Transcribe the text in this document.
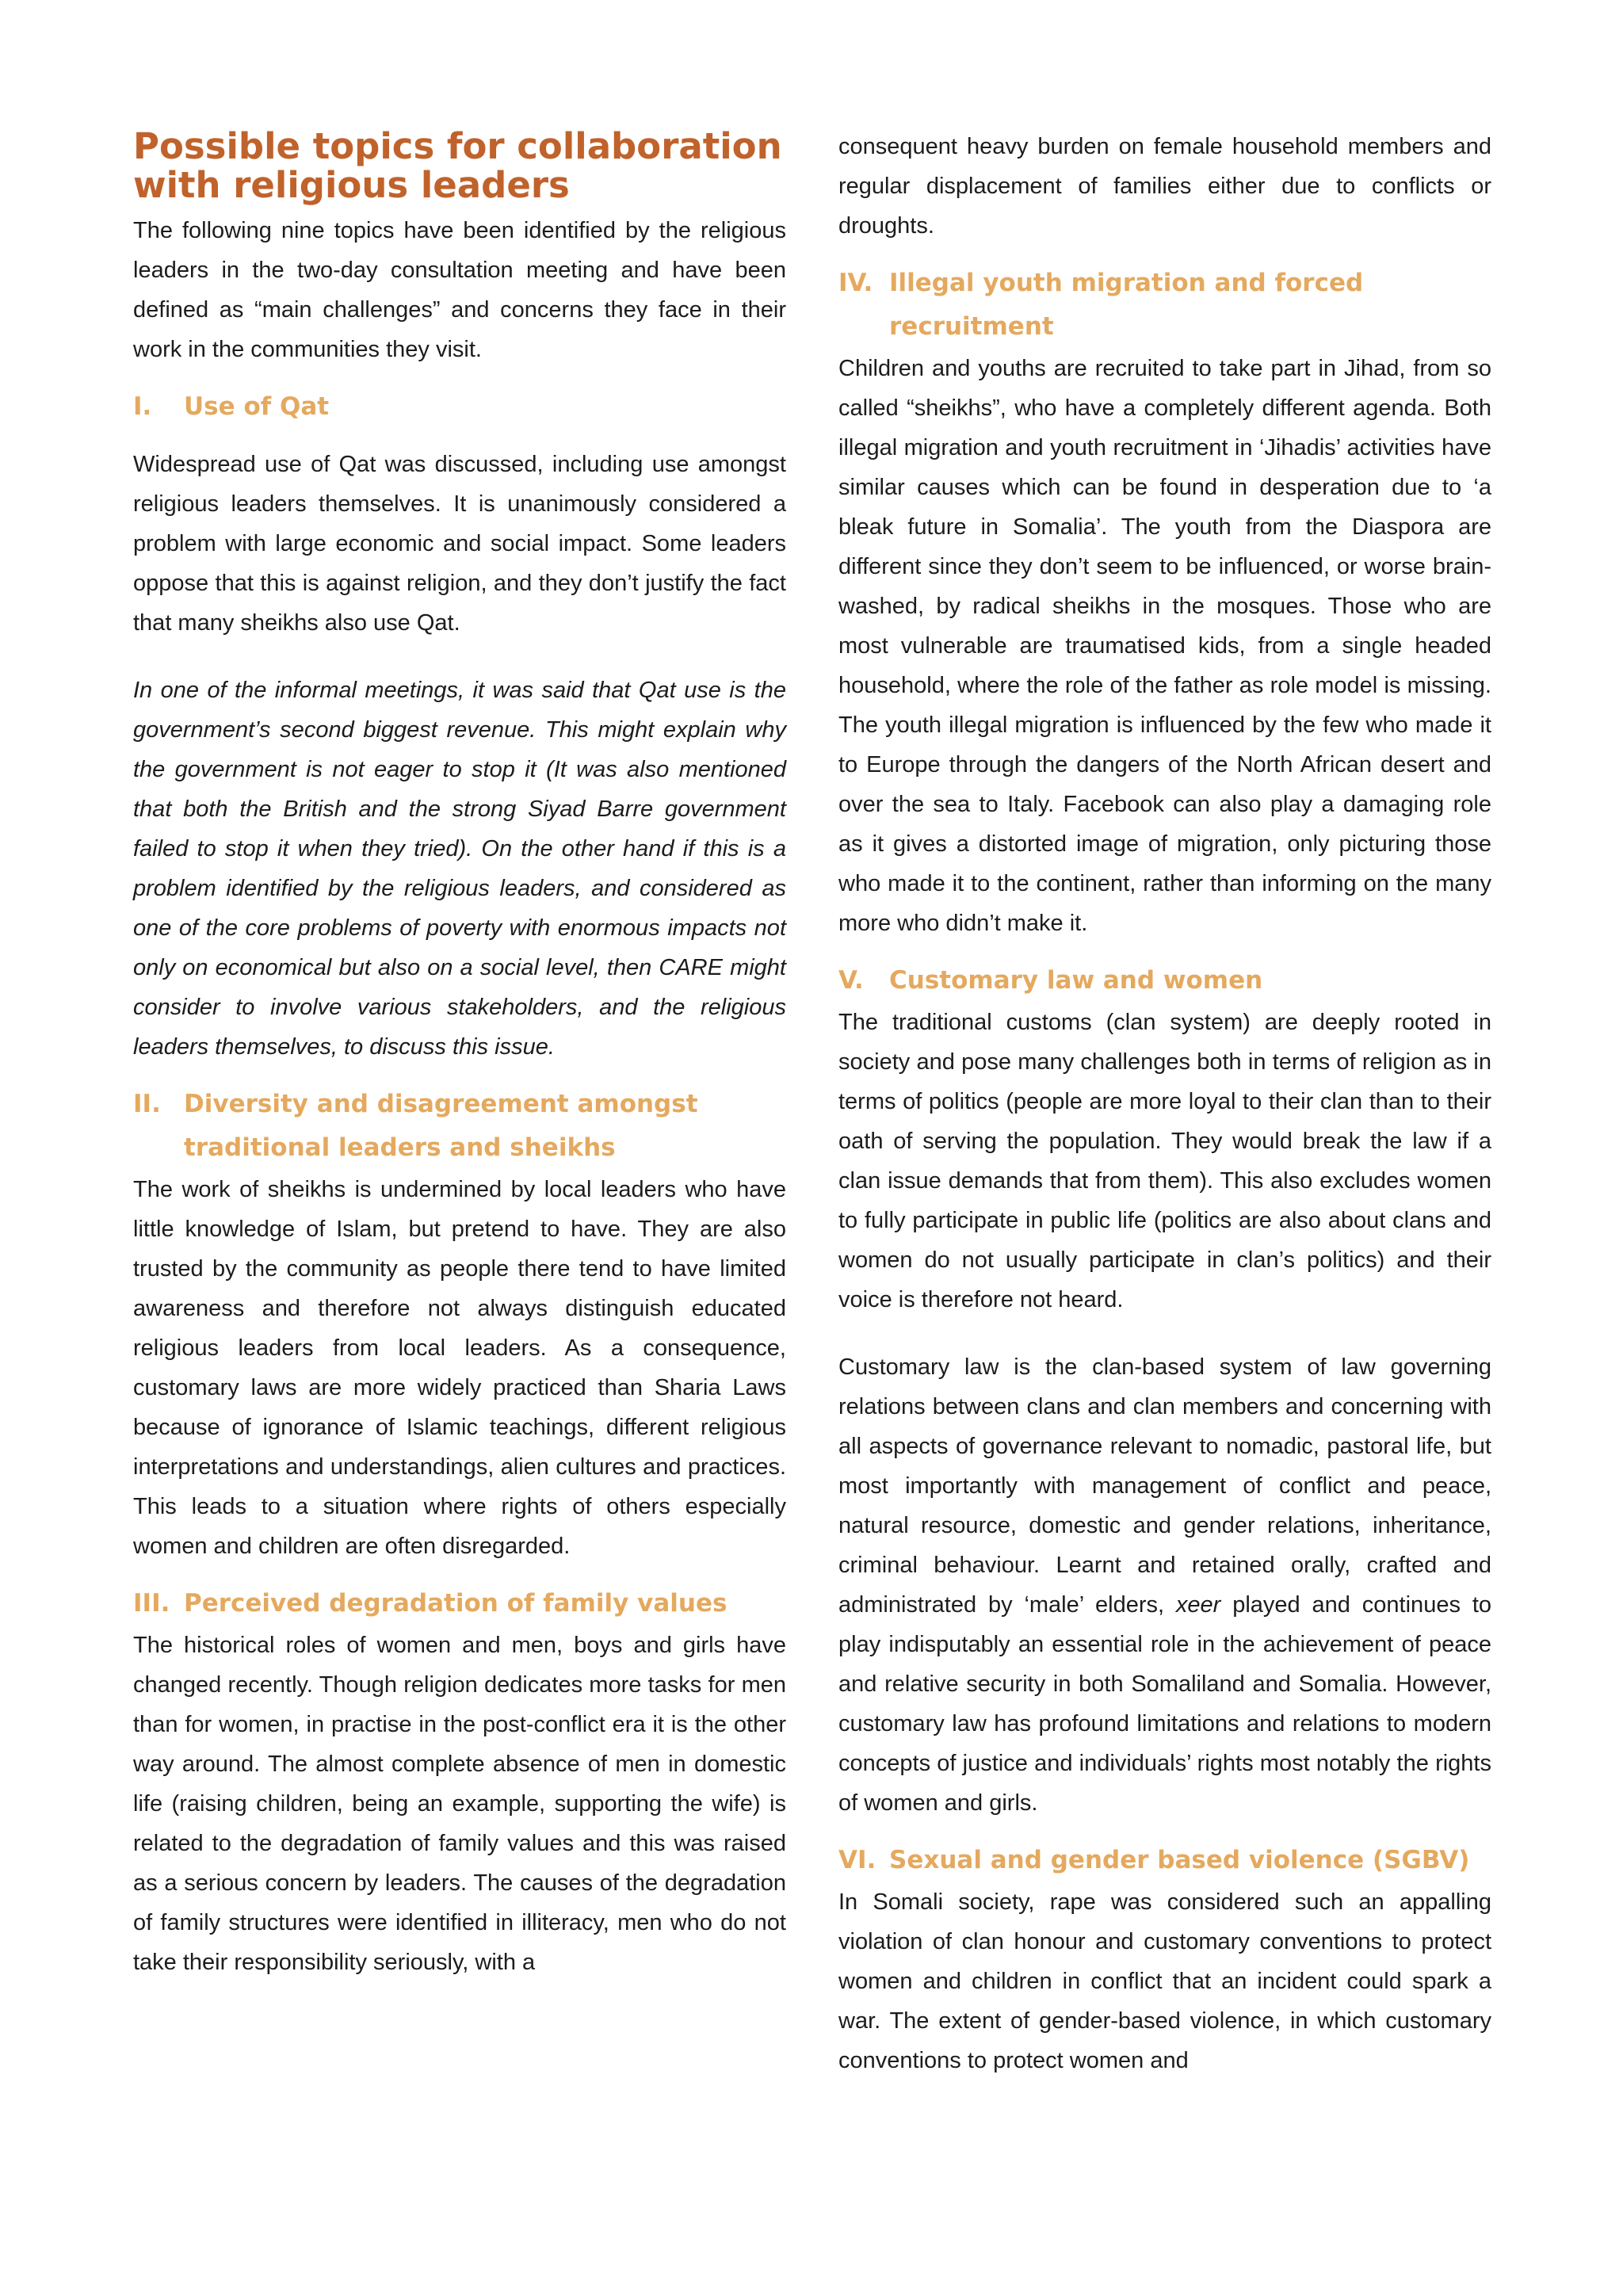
Possible topics for collaboration with religious leaders

The following nine topics have been identified by the religious leaders in the two-day consultation meeting and have been defined as “main challenges” and concerns they face in their work in the communities they visit.

I.	Use of Qat

Widespread use of Qat was discussed, including use amongst religious leaders themselves. It is unanimously considered a problem with large economic and social impact. Some leaders oppose that this is against religion, and they don’t justify the fact that many sheikhs also use Qat.

In one of the informal meetings, it was said that Qat use is the government’s second biggest revenue. This might explain why the government is not eager to stop it (It was also mentioned that both the British and the strong Siyad Barre government failed to stop it when they tried). On the other hand if this is a problem identified by the religious leaders, and considered as one of the core problems of poverty with enormous impacts not only on economical but also on a social level, then CARE might consider to involve various stakeholders, and the religious leaders themselves, to discuss this issue.

II. Diversity and disagreement amongst traditional leaders and sheikhs

The work of sheikhs is undermined by local leaders who have little knowledge of Islam, but pretend to have. They are also trusted by the community as people there tend to have limited awareness and therefore not always distinguish educated religious leaders from local leaders. As a consequence, customary laws are more widely practiced than Sharia Laws because of ignorance of Islamic teachings, different religious interpretations and understandings, alien cultures and practices. This leads to a situation where rights of others especially women and children are often disregarded.

III. Perceived degradation of family values

The historical roles of women and men, boys and girls have changed recently. Though religion dedicates more tasks for men than for women, in practise in the post-conflict era it is the other way around. The almost complete absence of men in domestic life (raising children, being an example, supporting the wife) is related to the degradation of family values and this was raised as a serious concern by leaders. The causes of the degradation of family structures were identified in illiteracy, men who do not take their responsibility seriously, with a

consequent heavy burden on female household members and regular displacement of families either due to conflicts or droughts.

IV. Illegal youth migration and forced recruitment

Children and youths are recruited to take part in Jihad, from so called “sheikhs”, who have a completely different agenda. Both illegal migration and youth recruitment in ‘Jihadis’ activities have similar causes which can be found in desperation due to ‘a bleak future in Somalia’. The youth from the Diaspora are different since they don’t seem to be influenced, or worse brain-washed, by radical sheikhs in the mosques. Those who are most vulnerable are traumatised kids, from a single headed household, where the role of the father as role model is missing. The youth illegal migration is influenced by the few who made it to Europe through the dangers of the North African desert and over the sea to Italy. Facebook can also play a damaging role as it gives a distorted image of migration, only picturing those who made it to the continent, rather than informing on the many more who didn’t make it.

V.	Customary law and women

The traditional customs (clan system) are deeply rooted in society and pose many challenges both in terms of religion as in terms of politics (people are more loyal to their clan than to their oath of serving the population. They would break the law if a clan issue demands that from them). This also excludes women to fully participate in public life (politics are also about clans and women do not usually participate in clan’s politics) and their voice is therefore not heard.

Customary law is the clan-based system of law governing relations between clans and clan members and concerning with all aspects of governance relevant to nomadic, pastoral life, but most importantly with management of conflict and peace, natural resource, domestic and gender relations, inheritance, criminal behaviour. Learnt and retained orally, crafted and administrated by ‘male’ elders, xeer played and continues to play indisputably an essential role in the achievement of peace and relative security in both Somaliland and Somalia. However, customary law has profound limitations and relations to modern concepts of justice and individuals’ rights most notably the rights of women and girls.

VI. Sexual and gender based violence (SGBV)

In Somali society, rape was considered such an appalling violation of clan honour and customary conventions to protect women and children in conflict that an incident could spark a war. The extent of gender-based violence, in which customary conventions to protect women and
